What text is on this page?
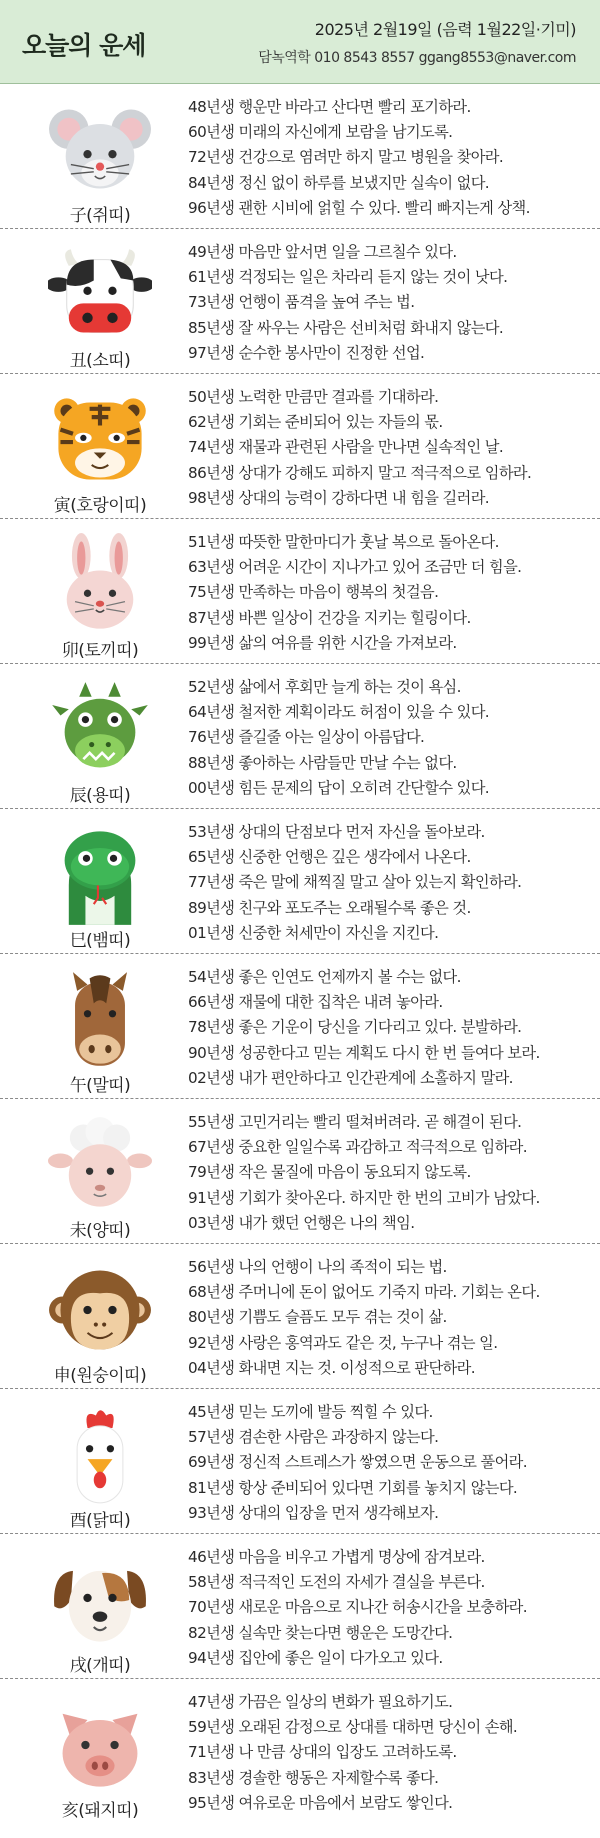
오늘의 운세
2025년 2월19일 (음력 1월22일·기미)
담녹역학 010 8543 8557 ggang8553@naver.com
子(쥐띠)
48년생 행운만 바라고 산다면 빨리 포기하라.
60년생 미래의 자신에게 보람을 남기도록.
72년생 건강으로 염려만 하지 말고 병원을 찾아라.
84년생 정신 없이 하루를 보냈지만 실속이 없다.
96년생 괜한 시비에 얽힐 수 있다. 빨리 빠지는게 상책.
丑(소띠)
49년생 마음만 앞서면 일을 그르칠수 있다.
61년생 걱정되는 일은 차라리 듣지 않는 것이 낫다.
73년생 언행이 품격을 높여 주는 법.
85년생 잘 싸우는 사람은 선비처럼 화내지 않는다.
97년생 순수한 봉사만이 진정한 선업.
寅(호랑이띠)
50년생 노력한 만큼만 결과를 기대하라.
62년생 기회는 준비되어 있는 자들의 몫.
74년생 재물과 관련된 사람을 만나면 실속적인 날.
86년생 상대가 강해도 피하지 말고 적극적으로 임하라.
98년생 상대의 능력이 강하다면 내 힘을 길러라.
卯(토끼띠)
51년생 따뜻한 말한마디가 훗날 복으로 돌아온다.
63년생 어려운 시간이 지나가고 있어 조금만 더 힘을.
75년생 만족하는 마음이 행복의 첫걸음.
87년생 바쁜 일상이 건강을 지키는 힐링이다.
99년생 삶의 여유를 위한 시간을 가져보라.
辰(용띠)
52년생 삶에서 후회만 늘게 하는 것이 욕심.
64년생 철저한 계획이라도 허점이 있을 수 있다.
76년생 즐길줄 아는 일상이 아름답다.
88년생 좋아하는 사람들만 만날 수는 없다.
00년생 힘든 문제의 답이 오히려 간단할수 있다.
巳(뱀띠)
53년생 상대의 단점보다 먼저 자신을 돌아보라.
65년생 신중한 언행은 깊은 생각에서 나온다.
77년생 죽은 말에 채찍질 말고 살아 있는지 확인하라.
89년생 친구와 포도주는 오래될수록 좋은 것.
01년생 신중한 처세만이 자신을 지킨다.
午(말띠)
54년생 좋은 인연도 언제까지 볼 수는 없다.
66년생 재물에 대한 집착은 내려 놓아라.
78년생 좋은 기운이 당신을 기다리고 있다. 분발하라.
90년생 성공한다고 믿는 계획도 다시 한 번 들여다 보라.
02년생 내가 편안하다고 인간관계에 소홀하지 말라.
未(양띠)
55년생 고민거리는 빨리 떨쳐버려라. 곧 해결이 된다.
67년생 중요한 일일수록 과감하고 적극적으로 임하라.
79년생 작은 물질에 마음이 동요되지 않도록.
91년생 기회가 찾아온다. 하지만 한 번의 고비가 남았다.
03년생 내가 했던 언행은 나의 책임.
申(원숭이띠)
56년생 나의 언행이 나의 족적이 되는 법.
68년생 주머니에 돈이 없어도 기죽지 마라. 기회는 온다.
80년생 기쁨도 슬픔도 모두 겪는 것이 삶.
92년생 사랑은 홍역과도 같은 것, 누구나 겪는 일.
04년생 화내면 지는 것. 이성적으로 판단하라.
酉(닭띠)
45년생 믿는 도끼에 발등 찍힐 수 있다.
57년생 겸손한 사람은 과장하지 않는다.
69년생 정신적 스트레스가 쌓였으면 운동으로 풀어라.
81년생 항상 준비되어 있다면 기회를 놓치지 않는다.
93년생 상대의 입장을 먼저 생각해보자.
戌(개띠)
46년생 마음을 비우고 가볍게 명상에 잠겨보라.
58년생 적극적인 도전의 자세가 결실을 부른다.
70년생 새로운 마음으로 지나간 허송시간을 보충하라.
82년생 실속만 찾는다면 행운은 도망간다.
94년생 집안에 좋은 일이 다가오고 있다.
亥(돼지띠)
47년생 가끔은 일상의 변화가 필요하기도.
59년생 오래된 감정으로 상대를 대하면 당신이 손해.
71년생 나 만큼 상대의 입장도 고려하도록.
83년생 경솔한 행동은 자제할수록 좋다.
95년생 여유로운 마음에서 보람도 쌓인다.
